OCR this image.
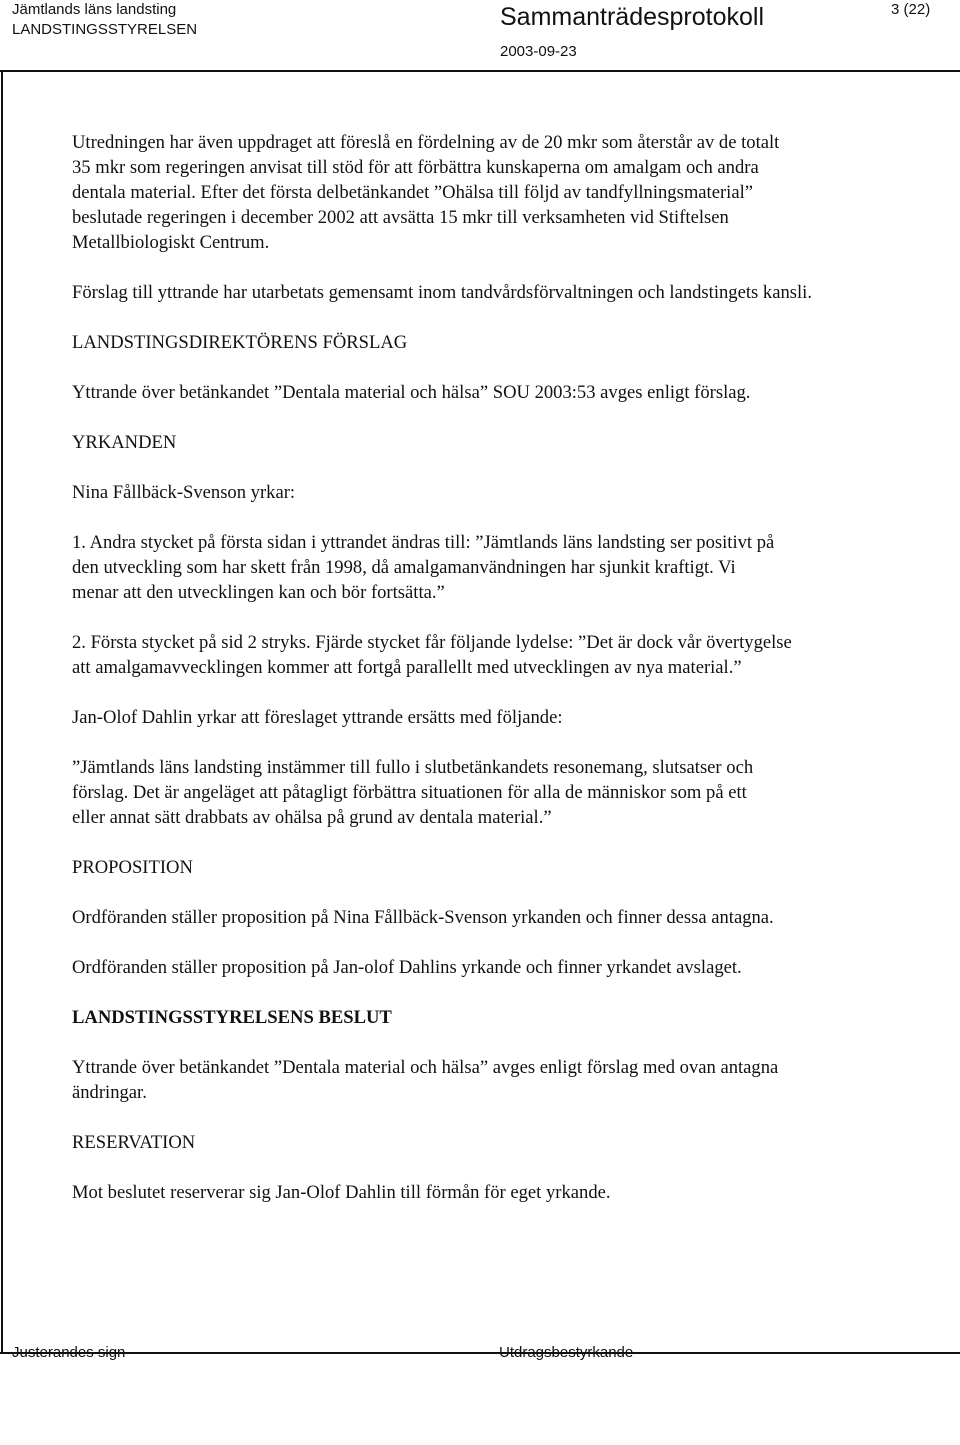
Jämtlands läns landsting
LANDSTINGSSTYRELSEN	Sammanträdesprotokoll
2003-09-23
3 (22)

Utredningen har även uppdraget att föreslå en fördelning av de 20 mkr som återstår av de totalt

35 mkr som regeringen anvisat till stöd för att förbättra kunskaperna om amalgam och andra

dentala material. Efter det första delbetänkandet ”Ohälsa till följd av tandfyllningsmaterial”

beslutade regeringen i december 2002 att avsätta 15 mkr till verksamheten vid Stiftelsen

Metallbiologiskt Centrum.

Förslag till yttrande har utarbetats gemensamt inom tandvårdsförvaltningen och landstingets kansli.

LANDSTINGSDIREKTÖRENS FÖRSLAG

Yttrande över betänkandet ”Dentala material och hälsa” SOU 2003:53 avges enligt förslag.

YRKANDEN

Nina Fållbäck-Svenson yrkar:

1. Andra stycket på första sidan i yttrandet ändras till: ”Jämtlands läns landsting ser positivt på

den utveckling som har skett från 1998, då amalgamanvändningen har sjunkit kraftigt. Vi

menar att den utvecklingen kan och bör fortsätta.”

2. Första stycket på sid 2 stryks. Fjärde stycket får följande lydelse: ”Det är dock vår övertygelse

att amalgamavvecklingen kommer att fortgå parallellt med utvecklingen av nya material.”

Jan-Olof Dahlin yrkar att föreslaget yttrande ersätts med följande:

”Jämtlands läns landsting instämmer till fullo i slutbetänkandets resonemang, slutsatser och

förslag. Det är angeläget att påtagligt förbättra situationen för alla de människor som på ett

eller annat sätt drabbats av ohälsa på grund av dentala material.”

PROPOSITION

Ordföranden ställer proposition på Nina Fållbäck-Svenson yrkanden och finner dessa antagna.

Ordföranden ställer proposition på Jan-olof Dahlins yrkande och finner yrkandet avslaget.

LANDSTINGSSTYRELSENS BESLUT

Yttrande över betänkandet ”Dentala material och hälsa” avges enligt förslag med ovan antagna

ändringar.

RESERVATION

Mot beslutet reserverar sig Jan-Olof Dahlin till förmån för eget yrkande.

Justerandes sign	Utdragsbestyrkande
